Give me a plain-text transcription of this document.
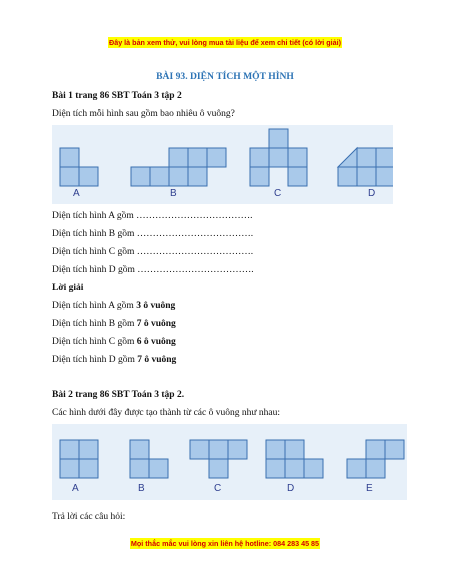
Đây là bản xem thử, vui lòng mua tài liệu để xem chi tiết (có lời giải)
BÀI 93. DIỆN TÍCH MỘT HÌNH
Bài 1 trang 86 SBT Toán 3 tập 2
Diện tích mỗi hình sau gồm bao nhiêu ô vuông?
A	B	C	D
Diện tích hình A gồm ……………………………….
Diện tích hình B gồm ……………………………….
Diện tích hình C gồm ……………………………….
Diện tích hình D gồm ……………………………….
Lời giải
Diện tích hình A gồm 3 ô vuông
Diện tích hình B gồm 7 ô vuông
Diện tích hình C gồm 6 ô vuông
Diện tích hình D gồm 7 ô vuông
Bài 2 trang 86 SBT Toán 3 tập 2.
Các hình dưới đây được tạo thành từ các ô vuông như nhau:
A	B	C	D	E
Trả lời các câu hỏi:
Mọi thắc mắc vui lòng xin liên hệ hotline: 084 283 45 85
